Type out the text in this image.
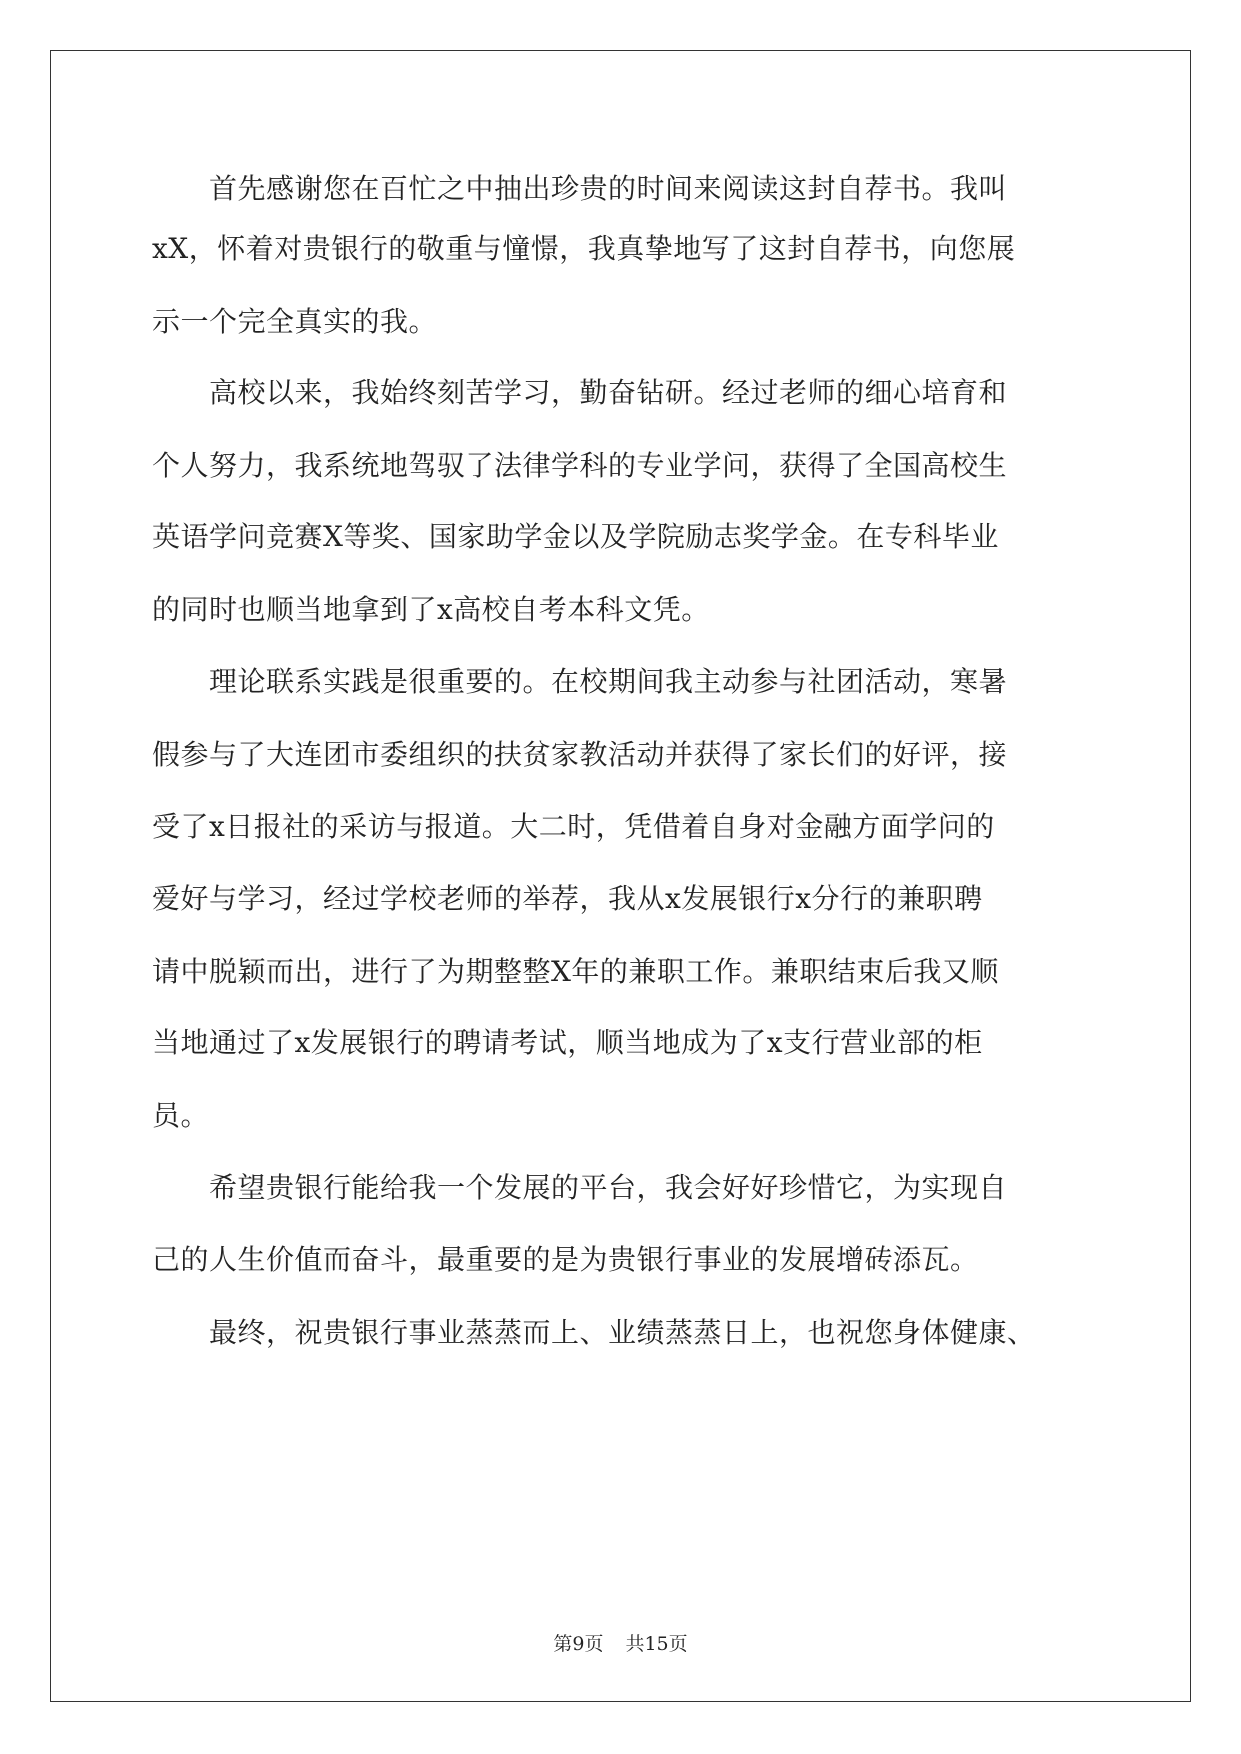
　　首先感谢您在百忙之中抽出珍贵的时间来阅读这封自荐书。我叫

xX，怀着对贵银行的敬重与憧憬，我真挚地写了这封自荐书，向您展

示一个完全真实的我。

　　高校以来，我始终刻苦学习，勤奋钻研。经过老师的细心培育和

个人努力，我系统地驾驭了法律学科的专业学问，获得了全国高校生

英语学问竞赛X等奖、国家助学金以及学院励志奖学金。在专科毕业

的同时也顺当地拿到了x高校自考本科文凭。

　　理论联系实践是很重要的。在校期间我主动参与社团活动，寒暑

假参与了大连团市委组织的扶贫家教活动并获得了家长们的好评，接

受了x日报社的采访与报道。大二时，凭借着自身对金融方面学问的

爱好与学习，经过学校老师的举荐，我从x发展银行x分行的兼职聘

请中脱颖而出，进行了为期整整X年的兼职工作。兼职结束后我又顺

当地通过了x发展银行的聘请考试，顺当地成为了x支行营业部的柜

员。

　　希望贵银行能给我一个发展的平台，我会好好珍惜它，为实现自

己的人生价值而奋斗，最重要的是为贵银行事业的发展增砖添瓦。

　　最终，祝贵银行事业蒸蒸而上、业绩蒸蒸日上，也祝您身体健康、

第9页 共15页
